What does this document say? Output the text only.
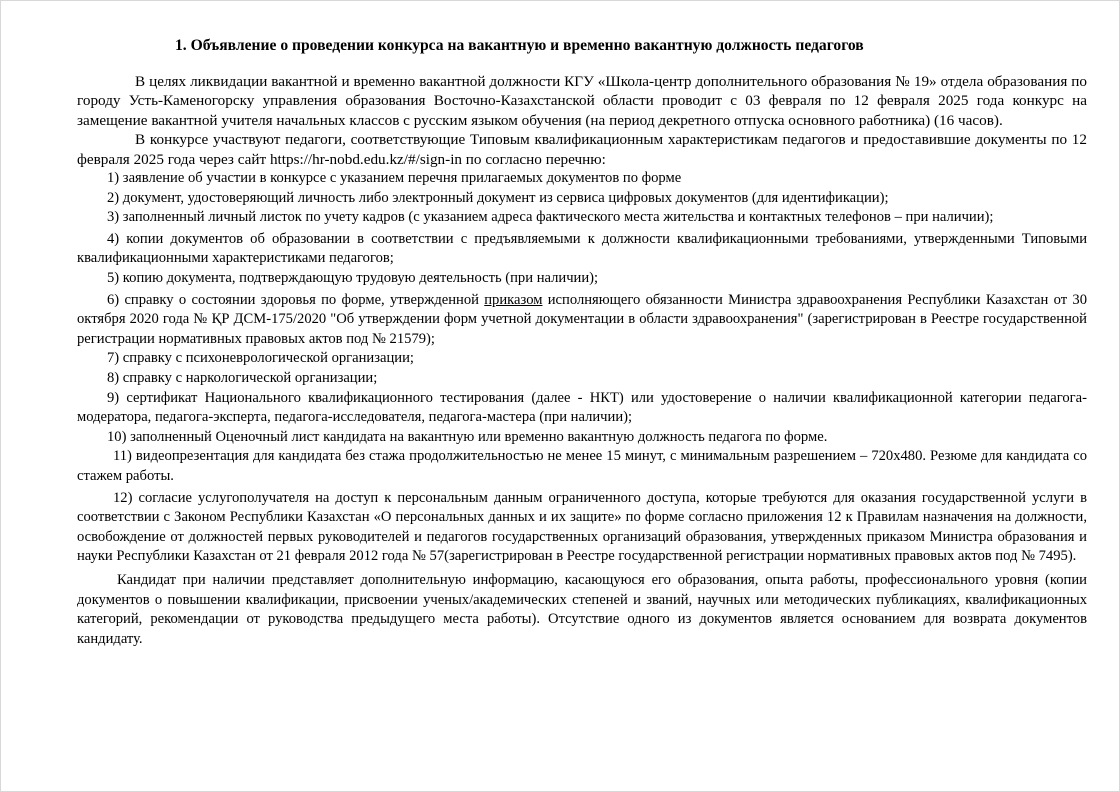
1. Объявление о проведении конкурса на вакантную и временно вакантную должность педагогов

В целях ликвидации вакантной и временно вакантной должности КГУ «Школа-центр дополнительного образования № 19» отдела образования по городу Усть-Каменогорску управления образования Восточно-Казахстанской области проводит с 03 февраля по 12 февраля 2025 года конкурс на замещение вакантной учителя начальных классов с русским языком обучения (на период декретного отпуска основного работника) (16 часов).

В конкурсе участвуют педагоги, соответствующие Типовым квалификационным характеристикам педагогов и предоставившие документы по 12 февраля 2025 года через сайт https://hr-nobd.edu.kz/#/sign-in по согласно перечню:

1) заявление об участии в конкурсе с указанием перечня прилагаемых документов по форме

2) документ, удостоверяющий личность либо электронный документ из сервиса цифровых документов (для идентификации);

3) заполненный личный листок по учету кадров (с указанием адреса фактического места жительства и контактных телефонов – при наличии);

4) копии документов об образовании в соответствии с предъявляемыми к должности квалификационными требованиями, утвержденными Типовыми квалификационными характеристиками педагогов;

5) копию документа, подтверждающую трудовую деятельность (при наличии);

6) справку о состоянии здоровья по форме, утвержденной приказом исполняющего обязанности Министра здравоохранения Республики Казахстан от 30 октября 2020 года № ҚР ДСМ-175/2020 "Об утверждении форм учетной документации в области здравоохранения" (зарегистрирован в Реестре государственной регистрации нормативных правовых актов под № 21579);

7) справку с психоневрологической организации;

8) справку с наркологической организации;

9) сертификат Национального квалификационного тестирования (далее - НКТ) или удостоверение о наличии квалификационной категории педагога-модератора, педагога-эксперта, педагога-исследователя, педагога-мастера (при наличии);

10) заполненный Оценочный лист кандидата на вакантную или временно вакантную должность педагога по форме.

11) видеопрезентация для кандидата без стажа продолжительностью не менее 15 минут, с минимальным разрешением – 720x480. Резюме для кандидата со стажем работы.

12) согласие услугополучателя на доступ к персональным данным ограниченного доступа, которые требуются для оказания государственной услуги в соответствии с Законом Республики Казахстан «О персональных данных и их защите» по форме согласно приложения 12 к Правилам назначения на должности, освобождение от должностей первых руководителей и педагогов государственных организаций образования, утвержденных приказом Министра образования и науки Республики Казахстан от 21 февраля 2012 года № 57(зарегистрирован в Реестре государственной регистрации нормативных правовых актов под № 7495).

Кандидат при наличии представляет дополнительную информацию, касающуюся его образования, опыта работы, профессионального уровня (копии документов о повышении квалификации, присвоении ученых/академических степеней и званий, научных или методических публикациях, квалификационных категорий, рекомендации от руководства предыдущего места работы). Отсутствие одного из документов является основанием для возврата документов кандидату.
